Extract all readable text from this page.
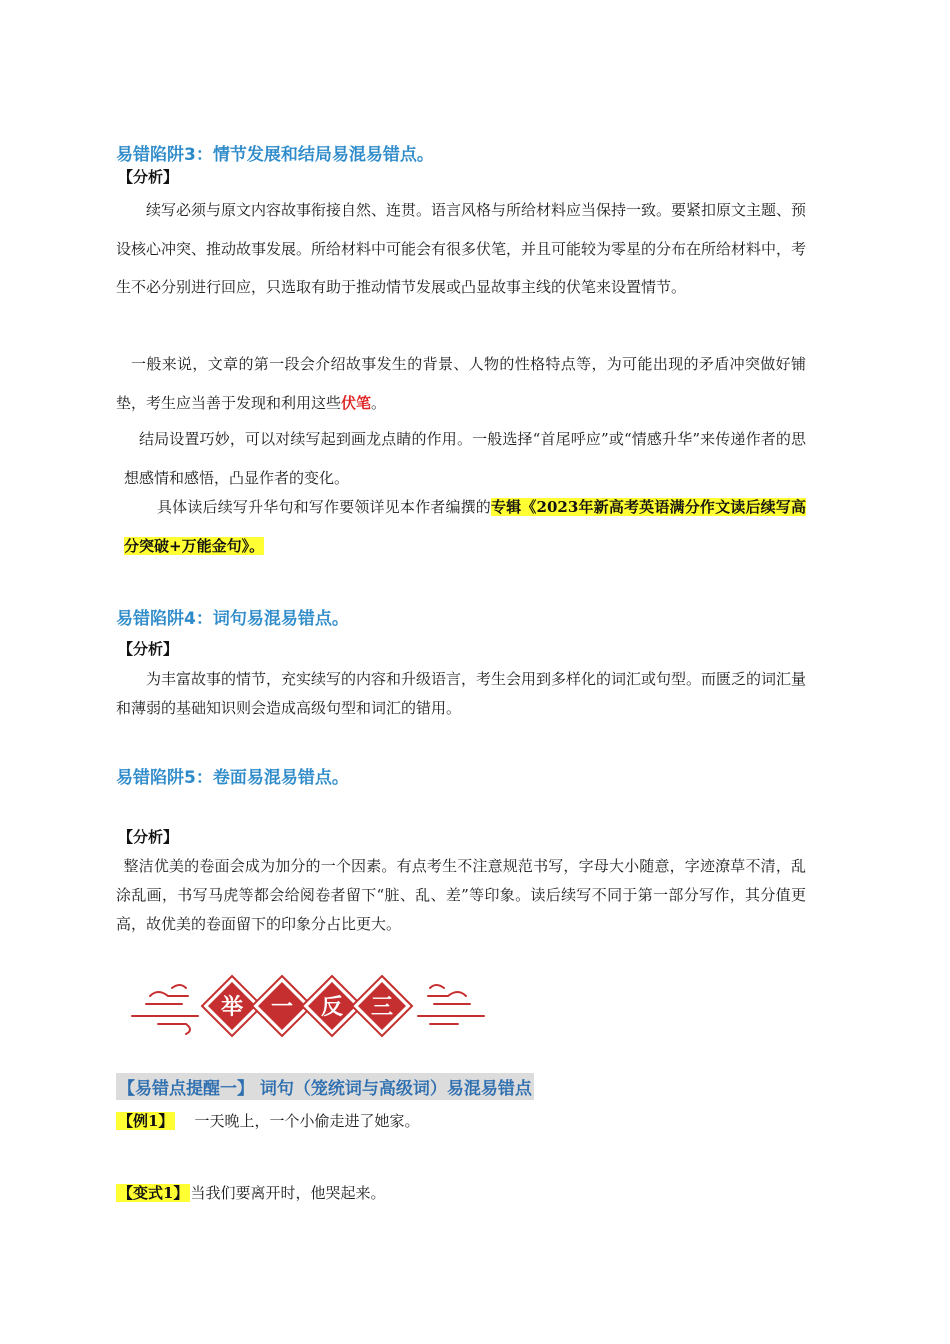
易错陷阱3：情节发展和结局易混易错点。
【分析】

续写必须与原文内容故事衔接自然、连贯。语言风格与所给材料应当保持一致。要紧扣原文主题、预设核心冲突、推动故事发展。所给材料中可能会有很多伏笔，并且可能较为零星的分布在所给材料中，考生不必分别进行回应，只选取有助于推动情节发展或凸显故事主线的伏笔来设置情节。

一般来说，文章的第一段会介绍故事发生的背景、人物的性格特点等，为可能出现的矛盾冲突做好铺垫，考生应当善于发现和利用这些伏笔。

结局设置巧妙，可以对续写起到画龙点睛的作用。一般选择“首尾呼应”或“情感升华”来传递作者的思想感情和感悟，凸显作者的变化。

具体读后续写升华句和写作要领详见本作者编撰的专辑《2023年新高考英语满分作文读后续写高分突破+万能金句》。

易错陷阱4：词句易混易错点。
【分析】

为丰富故事的情节，充实续写的内容和升级语言，考生会用到多样化的词汇或句型。而匮乏的词汇量和薄弱的基础知识则会造成高级句型和词汇的错用。

易错陷阱5：卷面易混易错点。
【分析】

整洁优美的卷面会成为加分的一个因素。有点考生不注意规范书写，字母大小随意，字迹潦草不清，乱涂乱画，书写马虎等都会给阅卷者留下“脏、乱、差”等印象。读后续写不同于第一部分写作，其分值更高，故优美的卷面留下的印象分占比更大。

举 一 反 三
【易错点提醒一】 词句（笼统词与高级词）易混易错点
【例1】 一天晚上，一个小偷走进了她家。
【变式1】 当我们要离开时，他哭起来。
